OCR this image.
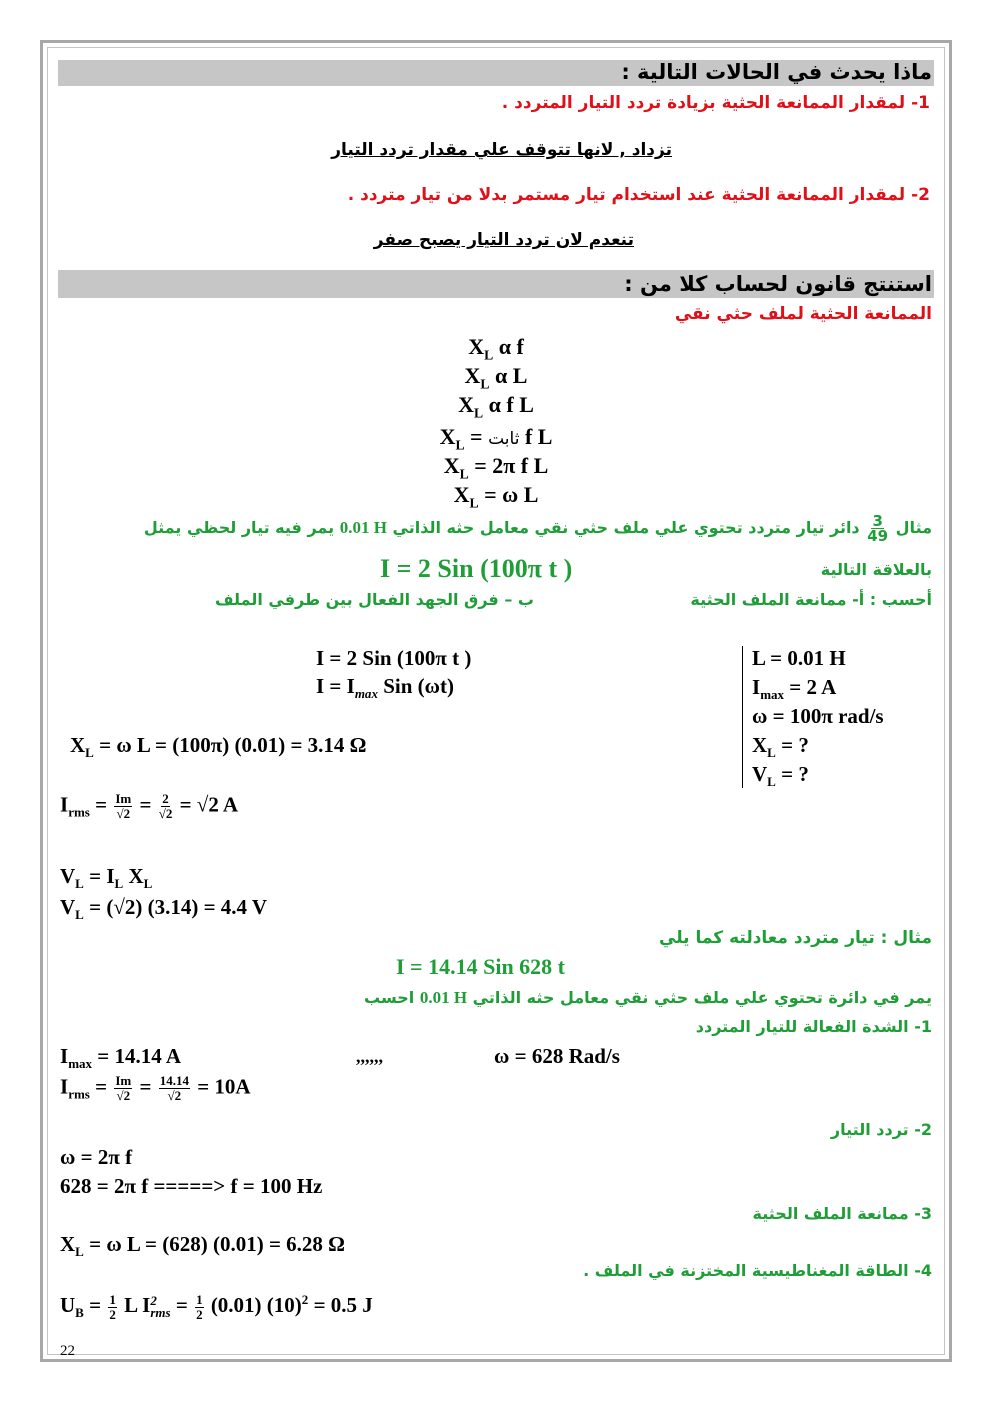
ماذا يحدث في الحالات التالية :
1- لمقدار الممانعة الحثية بزيادة تردد التيار المتردد .
تزداد , لانها تتوقف علي مقدار تردد التيار
2- لمقدار الممانعة الحثية عند استخدام تيار مستمر بدلا من تيار متردد .
تنعدم لان تردد التيار يصبح صفر
استنتج قانون لحساب كلا من :
الممانعة الحثية لملف حثي نقي
$X_L$ α f
$X_L$ α L
$X_L$ α f L
$X_L$ = ثابت f L
$X_L = 2\pi$ f L
$X_L = \omega$ L
مثال
$\frac{3}{49}$
دائر تيار متردد تحتوي علي ملف حثي نقي معامل حثه الذاتي 0.01 H يمر فيه تيار لحظي يمثل
بالعلاقة التالية
I = 2 Sin (100π t )
أحسب : أ- ممانعة الملف الحثية
ب – فرق الجهد الفعال بين طرفي الملف
I = 2 Sin (100π t )
$I = I_{max}$ Sin (ωt)
L = 0.01 H
$I_{max} = 2$ A
ω = 100π rad/s
$X_L$ = ?
$V_L$ = ?
$X_L = \omega$ L = (100π) (0.01) = 3.14 Ω
$I_{rms} = \frac{Im}{√2} = \frac{2}{√2} = √2$ A
$V_L = I_L$ $X_L$
$V_L = (√2) (3.14) = 4.4$ V
مثال : تيار متردد معادلته كما يلي
I = 14.14 Sin 628 t
يمر في دائرة تحتوي علي ملف حثي نقي معامل حثه الذاتي 0.01 H احسب
1- الشدة الفعالة للتيار المتردد
$I_{max} = 14.14$ A	,,,,,,	ω = 628 Rad/s
$I_{rms} = \frac{Im}{√2} = \frac{14.14}{√2} = 10A$
2- تردد التيار
ω = 2π f
628 = 2π f =====> f = 100 Hz
3- ممانعة الملف الحثية
$X_L = \omega$ L = (628) (0.01) = 6.28 Ω
4- الطاقة المغناطيسية المختزنة في الملف .
$U_B = \frac{1}{2}$ L I 2
rms = $\frac{1}{2} (0.01) (10)^2 = 0.5$ J
22
